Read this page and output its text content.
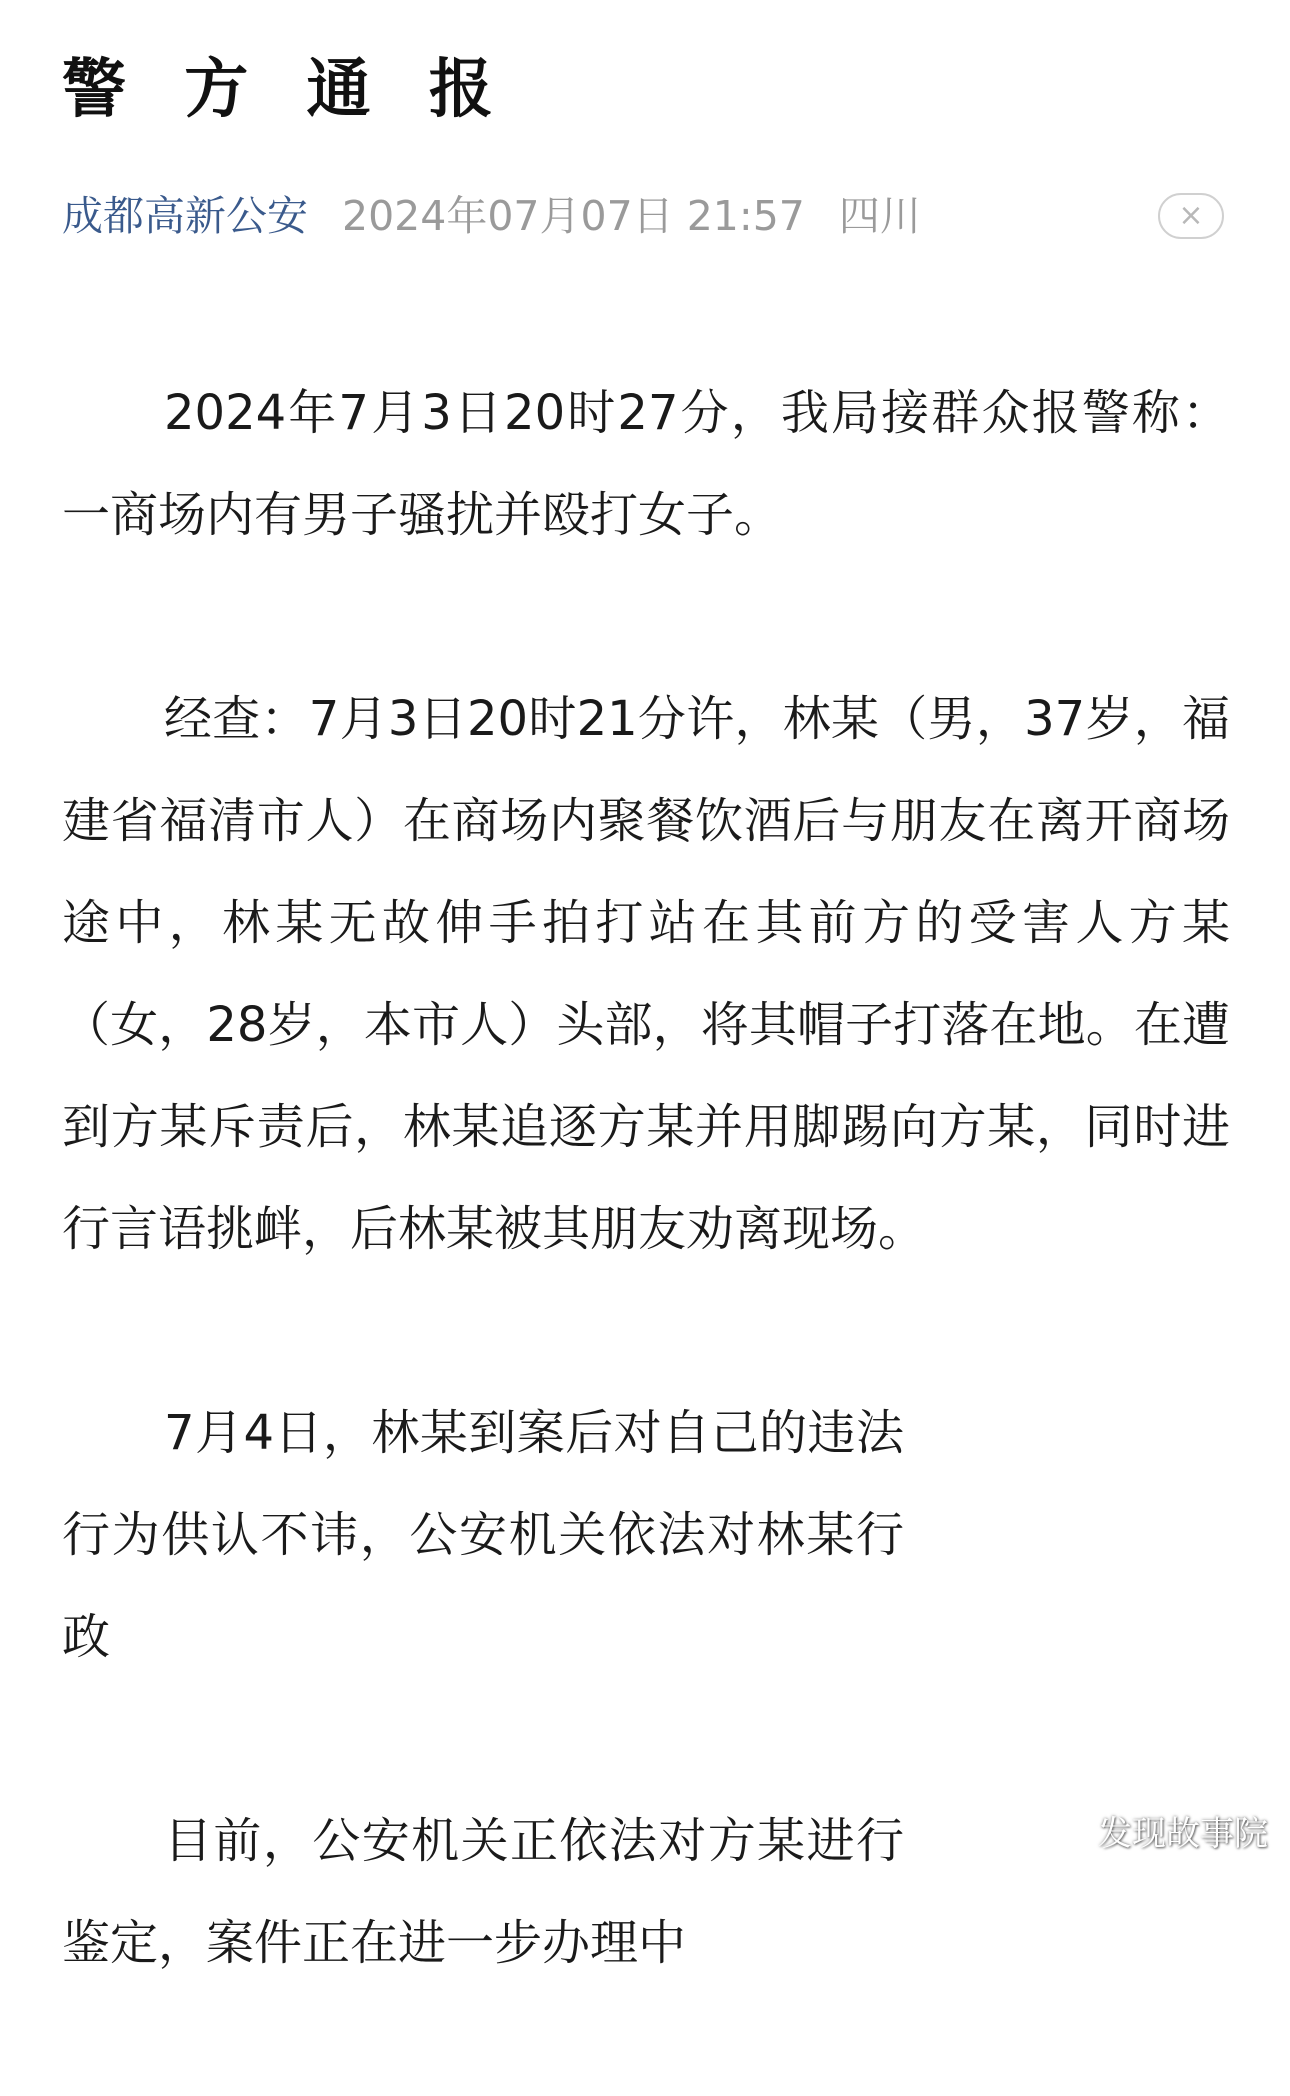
警 方 通 报
成都高新公安 2024年07月07日 21:57 四川	×

2024年7月3日20时27分，我局接群众报警称：一商场内有男子骚扰并殴打女子。

经查：7月3日20时21分许，林某（男，37岁，福建省福清市人）在商场内聚餐饮酒后与朋友在离开商场途中，林某无故伸手拍打站在其前方的受害人方某（女，28岁，本市人）头部，将其帽子打落在地。在遭到方某斥责后，林某追逐方某并用脚踢向方某，同时进行言语挑衅，后林某被其朋友劝离现场。

7月4日，林某到案后对自己的违法行为供认不讳，公安机关依法对林某行政

目前，公安机关正依法对方某进行鉴定，案件正在进一步办理中

发现故事院
